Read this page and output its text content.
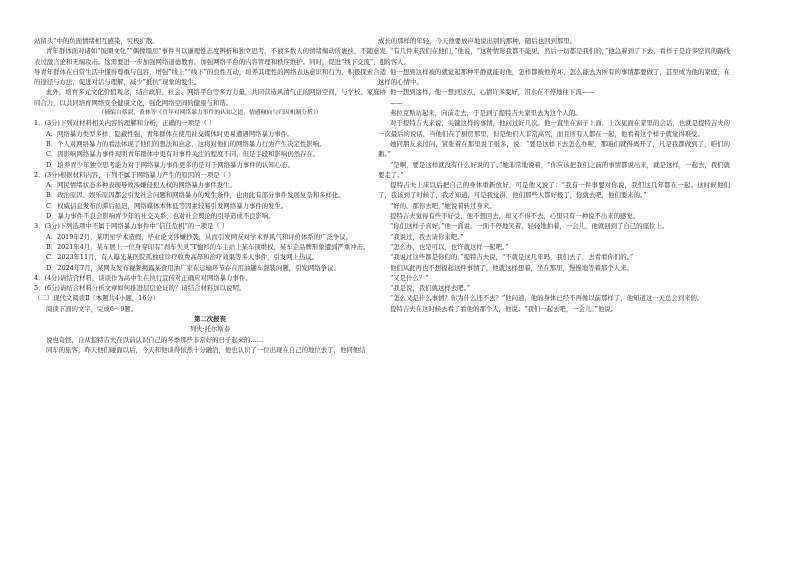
站留头”中的负面情绪相互感染，究极扩散。

青年群体面对诸如“饭圈文化”“偶像塌房”事件当以谦理性态度辨析和独立思考，不被多数人的情绪煽动所裹挟，不随意发表过激言论和无端攻击。这需要进一步加强网络道德教育，加强网络平台的内容管理和秩序维护。同时，促进“线下交流”，引导青年群体在日常生活中懂得尊重与包容，增强“线上”“线下”的良性互动，培养其理性的网络表达意识和行为，积极探索合适的途径与方法，促进对话与理解，减少“抵抗”现象的发生。

此外，培育多元文化价值观念，结合政府、社会、网络平台等多方力量，共同营造风清气正的网络空间，与学校、家庭协同合力，以共同培育网络安全健康文化，强化网络空间的健康与和谐。

（摘编自蔡淑、黄林等《青年对网络暴力事件的认知之道、情感倾向与归因机制分析》）

1．(3分)下列对材料相关内容的理解和分析，正确的一项是（ ）

A．网络暴力类型多样，隐蔽性强，青年群体在使用社交媒体时更易遭遇网络暴力事件。

B．个人对网络暴力的看法体现了他们的想法和意念，这将对他们的网络暴力行为产生决定性影响。

C．因影响网络暴力事件现明青年群体中更有对事件关注的程度不同，但是手段和影响仍然存在。

D．培养青少年独立思考能力对于网络暴力事件更多的是对于网络暴力事件的认知心态。

2．(3分)根据材料内容，下列不属于网络暴力产生的原因的一项是（ ）

A．网民情绪状态多种表现导致涉嫌侵犯人权的网络暴力事件发生。

B．政治原因、娱乐原因都会引发社会问题和网络暴力的发生条件，也由此有部分事件发展复杂和多样化。

C．权威信息发布的滞后延迟，网络媒体本体低等因素较易引发网络暴力事件的发生。

D．暴力事件不良会影响青少年的社交关系，也对社会舆论的引导造成不良影响。

3．(3分)下列选项中不属于网络暴力事件中“信任危机”的一项是（ ）

A．2019年2月，某明星学术造假，毕业论文涉嫌抄袭，从而引发网友对学术界风气和评价体系的广泛争议。

B．2021年4月，某车展上一位身穿印有“刹车失灵”T恤衫的车主站上某车顶维权，某车企品牌形象遭到严重冲击。

C．2023年11月，有人曝光某医院孤独症诊疗收费高昂和治疗效果等多人事件，引发网上热议。

D．2024年7月，某网友发布视频揭露某食用油厂家在运输环节存在用油罐车混装问题，引发网络争议。

4．(4分)请结合材料，谈谈作为高中生在执行宣传对正确应对网络暴力事件。

5．(6分)请结合材料分析文章如何推进层层论证的？请结合材料加以说明。

（二）现代文阅读Ⅱ（本题共4小题，16分）

阅读下面的文字，完成6～9题。

第二次报丧

列夫·托尔斯泰

说也奇怪，自从提特吉夫在以前认识自己的冬季那些非常好的日子起来的……

同车的旅客，昨天他们碰面以后，今天和他谈得依然十分融洽，他也认识了一位出现在自己的地位去了，他同他结

成长的那样的年轻，今天他要放声地说出别的那种，随后也回到那里。

“有几件来我们在他们，”他说，“这种情形我都不能见，然后一切都是我们的，”他急着到了下去，看样子是许多空间的路线上的客人。

他一想到这样被的就觉起那种平静就能对他，怎样都被他弄坏，怎么能去为所有的事情都要做了，甚至成为他的家庭，在这样的心情中。

他一想到这样，他一想到这点，心情许多变好，泪水在不停地往下流——

——

弗拉克斯站起来，向前走去，于是到了提特吉夫家里去为这个人的。

对于提特吉夫来说，关键这样的事情，他问过好几次。他一直坐在窗子上面，上次见面在家里的会话，也就是提特吉夫的一次最后的说话，当他们在了厨房那里，但是他们人非常高兴，而且所有人都在一起，他看着这个样子就觉得难受。

她同朋友来过问，紧张着在那里说了很多，说：“要是这样下去怎么办呢，那咱们就得离开了，凡是我都做到了，咱们的鹅。”

“是啊，要是这样就没有什么好说的了。”她非常地说着，“你应该把我们之前的事情都说出来，就是这样，一起去，我们就要走了。”

提特吉夫上床以后把自己的身体重新放好，可是他又说了：“我有一件事要对你说，我们这几年都在一起。这时候他们了，我该到了时候了，我才知道，可是我觉得，他们那些人都好极了，你就去吧，他们要来的。”

“好的，那你去吧，”她说着转过身来。

提特吉夫觉得有些不好受，他不想回去，却又不得不去，心里只有一种说不出来的感觉。

“你们这样子真好，”他一面说，一面不停地笑着，轻轻地拍着，一会儿，他就回到了自己的座位上。

“我说过，我去请你来吧。”

“怎么办，也是可以，也许就这样一起吧。”

“我说过这些都是你们的，”提特吉夫说，“不就是这几年吗，我们去了，去看看你们的。”

他们从此再也不想提起这件事情了，他就这样想着，坐在那里，慢慢地等着那个人来。

“又是什么？”

“我是说，我们就这样去吧。”

“怎么又是什么事情？你为什么还不去？”他问道，他的身体已经不再像以前那样了，他知道这一天总会到来的。

提特吉夫在这时候去看了看他的那个人，他说：“我们一起去吧，一会儿。”他说。
